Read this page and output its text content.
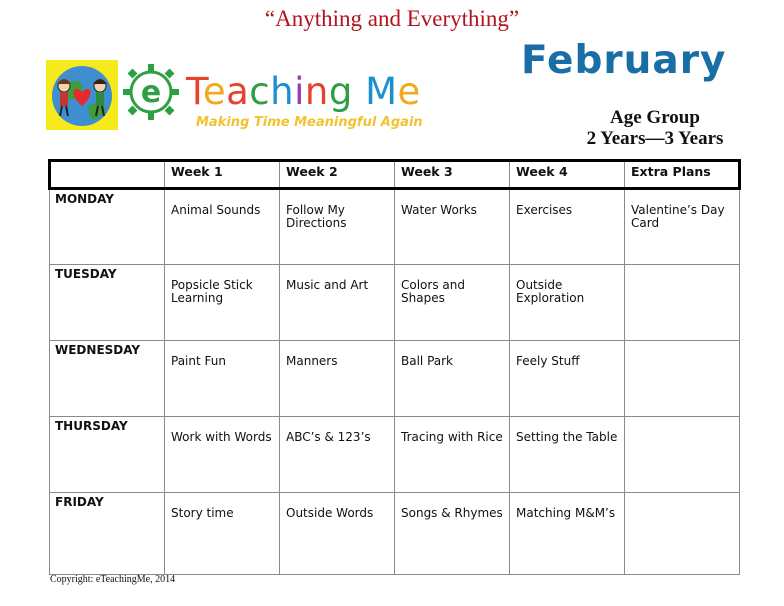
“Anything and Everything”
e Teaching Me
Making Time Meaningful Again
February
Age Group
2 Years—3 Years
	Week 1	Week 2	Week 3	Week 4	Extra Plans
MONDAY	Animal Sounds	Follow My Directions	Water Works	Exercises	Valentine’s Day Card
TUESDAY	Popsicle Stick Learning	Music and Art	Colors and Shapes	Outside Exploration	
WEDNESDAY	Paint Fun	Manners	Ball Park	Feely Stuff	
THURSDAY	Work with Words	ABC’s & 123’s	Tracing with Rice	Setting the Table	
FRIDAY	Story time	Outside Words	Songs & Rhymes	Matching M&M’s	
Copyright: eTeachingMe, 2014
